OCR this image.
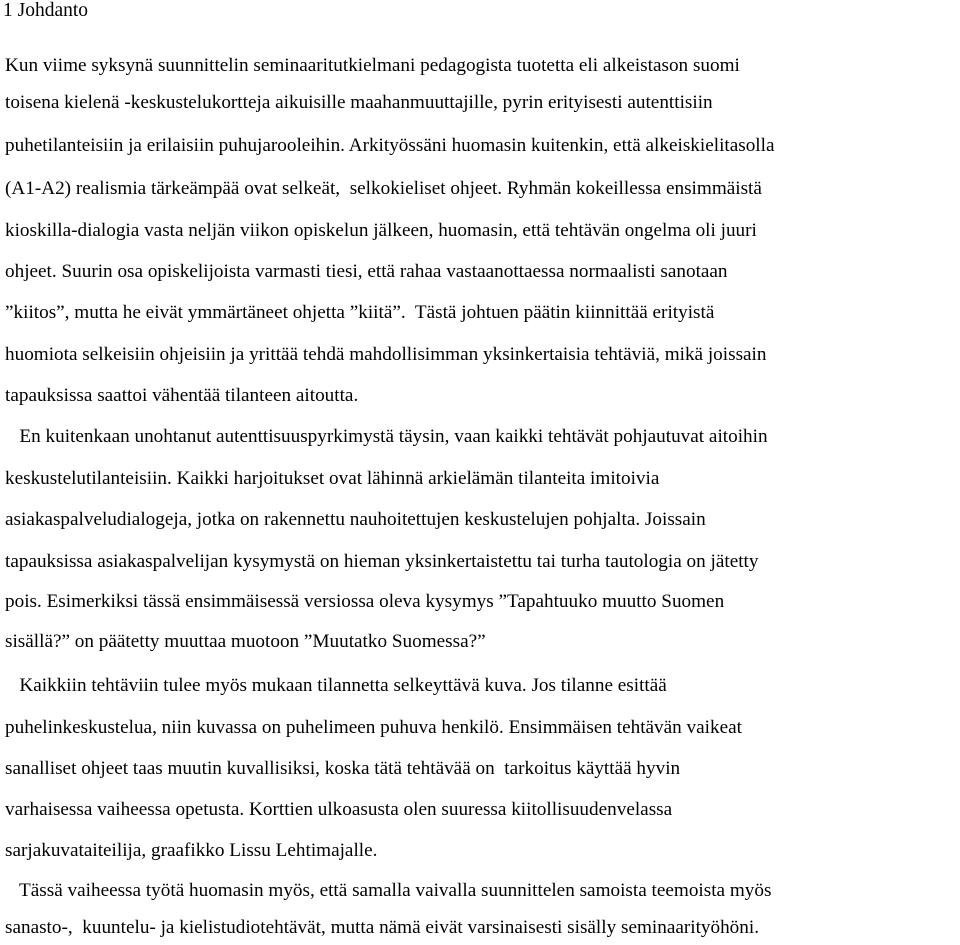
1 Johdanto
Kun viime syksynä suunnittelin seminaaritutkielmani pedagogista tuotetta eli alkeistason suomi
toisena kielenä -keskustelukortteja aikuisille maahanmuuttajille, pyrin erityisesti autenttisiin
puhetilanteisiin ja erilaisiin puhujarooleihin. Arkityössäni huomasin kuitenkin, että alkeiskielitasolla
(A1-A2) realismia tärkeämpää ovat selkeät,  selkokieliset ohjeet. Ryhmän kokeillessa ensimmäistä
kioskilla-dialogia vasta neljän viikon opiskelun jälkeen, huomasin, että tehtävän ongelma oli juuri
ohjeet. Suurin osa opiskelijoista varmasti tiesi, että rahaa vastaanottaessa normaalisti sanotaan
”kiitos”, mutta he eivät ymmärtäneet ohjetta ”kiitä”.  Tästä johtuen päätin kiinnittää erityistä
huomiota selkeisiin ohjeisiin ja yrittää tehdä mahdollisimman yksinkertaisia tehtäviä, mikä joissain
tapauksissa saattoi vähentää tilanteen aitoutta.
En kuitenkaan unohtanut autenttisuuspyrkimystä täysin, vaan kaikki tehtävät pohjautuvat aitoihin
keskustelutilanteisiin. Kaikki harjoitukset ovat lähinnä arkielämän tilanteita imitoivia
asiakaspalveludialogeja, jotka on rakennettu nauhoitettujen keskustelujen pohjalta. Joissain
tapauksissa asiakaspalvelijan kysymystä on hieman yksinkertaistettu tai turha tautologia on jätetty
pois. Esimerkiksi tässä ensimmäisessä versiossa oleva kysymys ”Tapahtuuko muutto Suomen
sisällä?” on päätetty muuttaa muotoon ”Muutatko Suomessa?”
Kaikkiin tehtäviin tulee myös mukaan tilannetta selkeyttävä kuva. Jos tilanne esittää
puhelinkeskustelua, niin kuvassa on puhelimeen puhuva henkilö. Ensimmäisen tehtävän vaikeat
sanalliset ohjeet taas muutin kuvallisiksi, koska tätä tehtävää on  tarkoitus käyttää hyvin
varhaisessa vaiheessa opetusta. Korttien ulkoasusta olen suuressa kiitollisuudenvelassa
sarjakuvataiteilija, graafikko Lissu Lehtimajalle.
Tässä vaiheessa työtä huomasin myös, että samalla vaivalla suunnittelen samoista teemoista myös
sanasto-,  kuuntelu- ja kielistudiotehtävät, mutta nämä eivät varsinaisesti sisälly seminaarityöhöni.
